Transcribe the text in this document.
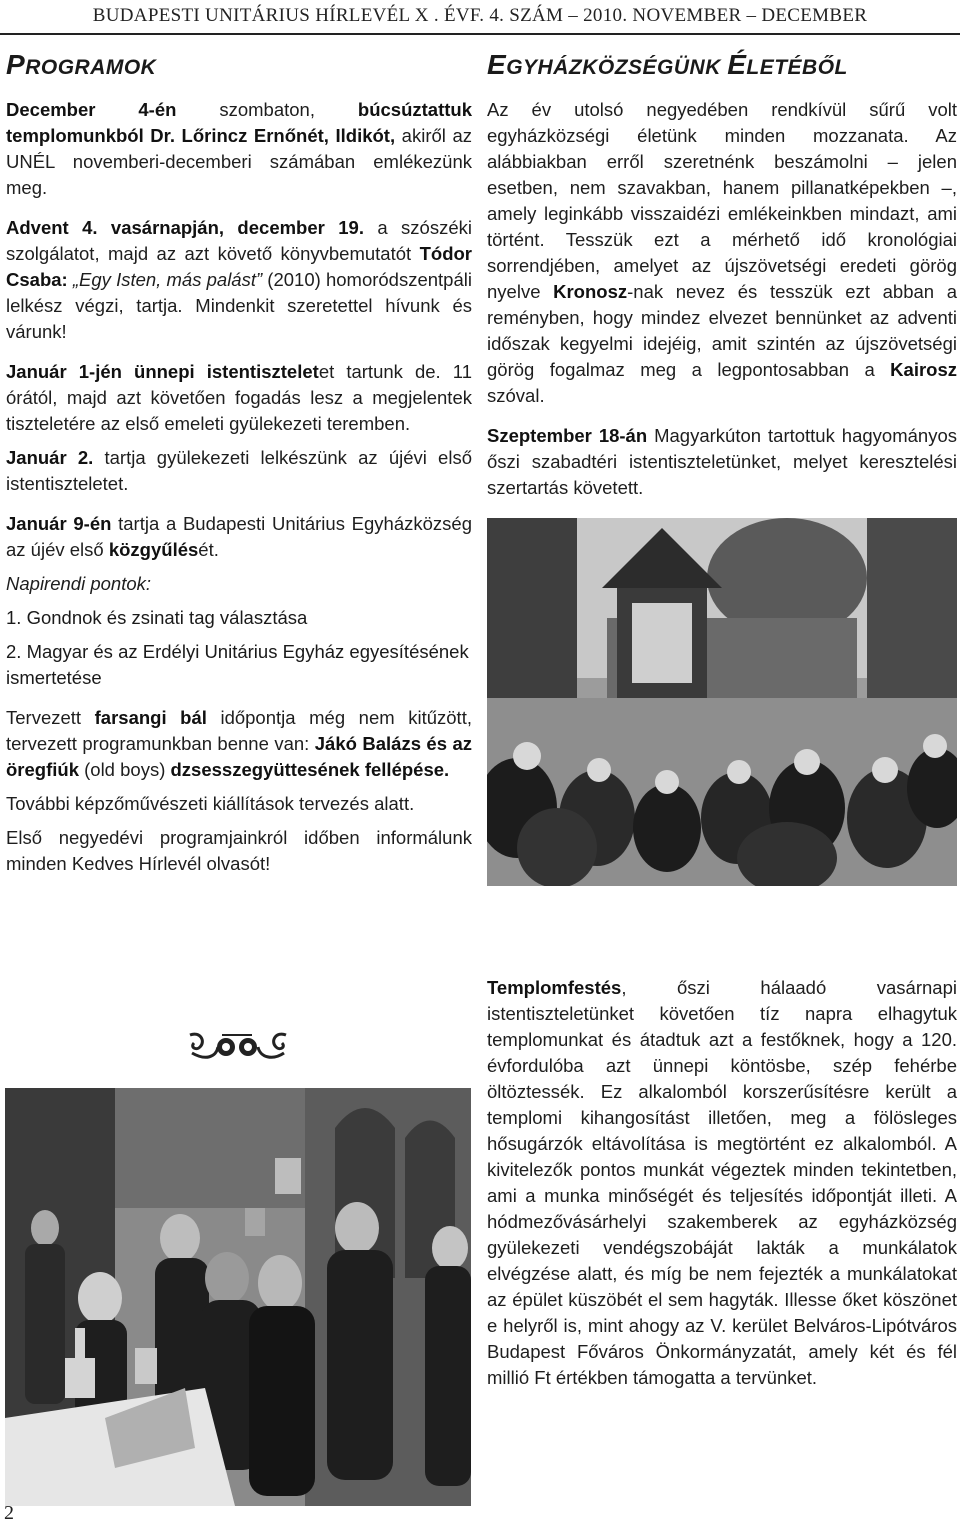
BUDAPESTI UNITÁRIUS HÍRLEVÉL X . ÉVF. 4. SZÁM – 2010. NOVEMBER – DECEMBER
PROGRAMOK

December 4-én szombaton, búcsúztattuk templomunkból Dr. Lőrincz Ernőnét, Ildikót, akiről az UNÉL novemberi-decemberi számában emlékezünk meg.

Advent 4. vasárnapján, december 19. a szószéki szolgálatot, majd az azt követő könyvbemutatót Tódor Csaba: „Egy Isten, más palást” (2010) homoródszentpáli lelkész végzi, tartja. Mindenkit szeretettel hívunk és várunk!

Január 1-jén ünnepi istentiszteletet tartunk de. 11 órától, majd azt követően fogadás lesz a megjelentek tiszteletére az első emeleti gyülekezeti teremben.

Január 2. tartja gyülekezeti lelkészünk az újévi első istentiszteletet.

Január 9-én tartja a Budapesti Unitárius Egyházközség az újév első közgyűlését.

Napirendi pontok:

1. Gondnok és zsinati tag választása

2. Magyar és az Erdélyi Unitárius Egyház egyesítésének ismertetése

Tervezett farsangi bál időpontja még nem kitűzött, tervezett programunkban benne van: Jákó Balázs és az öregfiúk (old boys) dzsesszegyüttesének fellépése.

További képzőművészeti kiállítások tervezés alatt.

Első negyedévi programjainkról időben informálunk minden Kedves Hírlevél olvasót!

EGYHÁZKÖZSÉGÜNK ÉLETÉBŐL

Az év utolsó negyedében rendkívül sűrű volt egyházközségi életünk minden mozzanata. Az alábbiakban erről szeretnénk beszámolni – jelen esetben, nem szavakban, hanem pillanatképekben –, amely leginkább visszaidézi emlékeinkben mindazt, ami történt. Tesszük ezt a mérhető idő kronológiai sorrendjében, amelyet az újszövetségi eredeti görög nyelve Kronosz-nak nevez és tesszük ezt abban a reményben, hogy mindez elvezet bennünket az adventi időszak kegyelmi idejéig, amit szintén az újszövetségi görög fogalmaz meg a legpontosabban a Kairosz szóval.

Szeptember 18-án Magyarkúton tartottuk hagyományos őszi szabadtéri istentiszteletünket, melyet keresztelési szertartás követett.

Templomfestés, őszi hálaadó vasárnapi istentiszteletünket követően tíz napra elhagytuk templomunkat és átadtuk azt a festőknek, hogy a 120. évfordulóba azt ünnepi köntösbe, szép fehérbe öltöztessék. Ez alkalomból korszerűsítésre került a templomi kihangosítást illetően, meg a fölösleges hősugárzók eltávolítása is megtörtént ez alkalomból. A kivitelezők pontos munkát végeztek minden tekintetben, ami a munka minőségét és teljesítés időpontját illeti. A hódmezővásárhelyi szakemberek az egyházközség gyülekezeti vendégszobáját lakták a munkálatok elvégzése alatt, és míg be nem fejezték a munkálatokat az épület küszöbét el sem hagyták. Illesse őket köszönet e helyről is, mint ahogy az V. kerület Belváros-Lipótváros Budapest Főváros Önkormányzatát, amely két és fél millió Ft értékben támogatta a tervünket.

2
